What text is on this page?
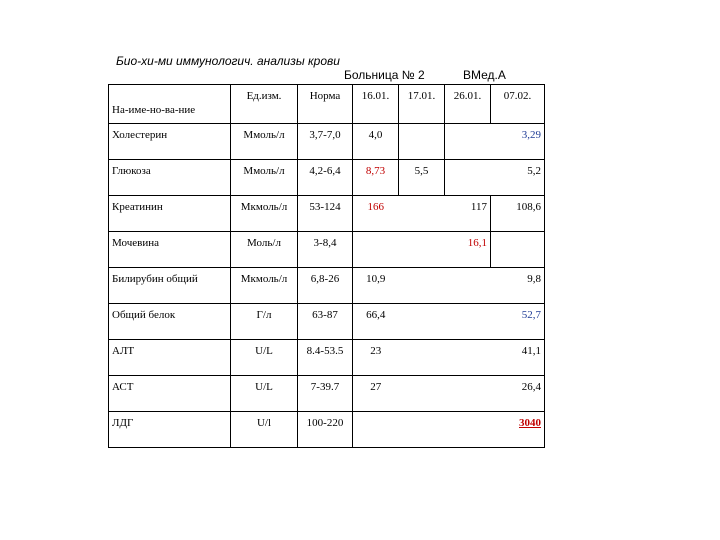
Био-хи-ми иммунологич. анализы крови
Больница № 2	ВМед.А
На-име-но-ва-ние	Ед.изм.	Норма	16.01.	17.01.	26.01.	07.02.
Холестерин	Ммоль/л	3,7-7,0	4,0			3,29
Глюкоза	Ммоль/л	4,2-6,4	8,73	5,5		5,2
Креатинин	Мкмоль/л	53-124	166		117	108,6
Мочевина	Моль/л	3-8,4			16,1	
Билирубин общий	Мкмоль/л	6,8-26	10,9			9,8
Общий белок	Г/л	63-87	66,4			52,7
АЛТ	U/L	8.4-53.5	23			41,1
АСТ	U/L	7-39.7	27			26,4
ЛДГ	U/l	100-220				3040
